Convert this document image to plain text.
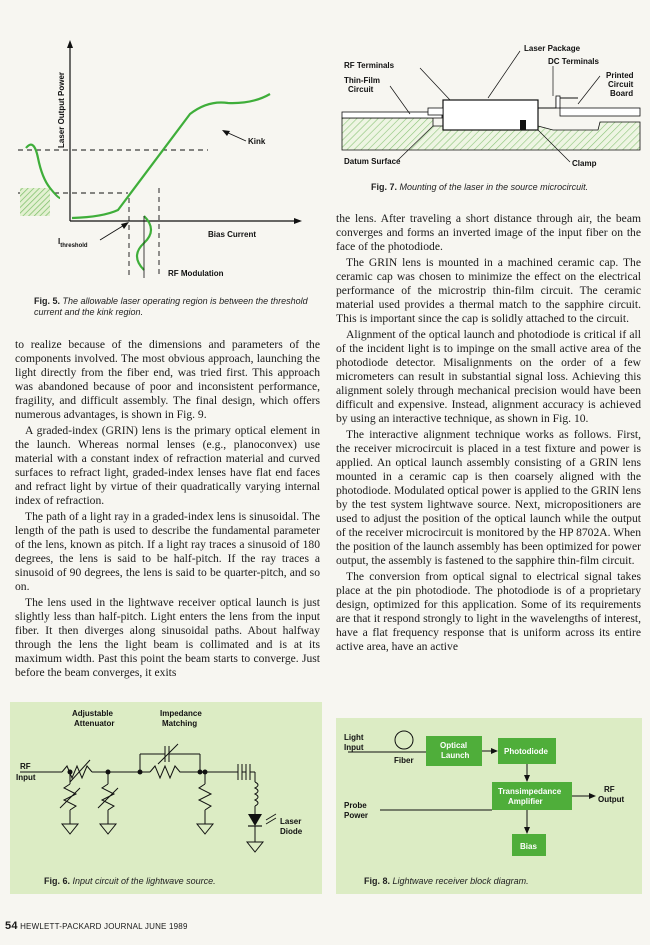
Laser Output Power	Kink
Bias Current
$I_{threshold}$
RF Modulation
Fig. 5. The allowable laser operating region is between the threshold current and the kink region.
Laser Package
RF Terminals	DC Terminals
Thin-Film
Circuit
Printed
Circuit
Board
Datum Surface	Clamp
Fig. 7. Mounting of the laser in the source microcircuit.

to realize because of the dimensions and parameters of the components involved. The most obvious approach, launching the light directly from the fiber end, was tried first. This approach was abandoned because of poor and inconsistent performance, fragility, and difficult assembly. The final design, which offers numerous advantages, is shown in Fig. 9.

A graded-index (GRIN) lens is the primary optical element in the launch. Whereas normal lenses (e.g., planoconvex) use material with a constant index of refraction material and curved surfaces to refract light, graded-index lenses have flat end faces and refract light by virtue of their quadratically varying internal index of refraction.

The path of a light ray in a graded-index lens is sinusoidal. The length of the path is used to describe the fundamental parameter of the lens, known as pitch. If a light ray traces a sinusoid of 180 degrees, the lens is said to be half-pitch. If the ray traces a sinusoid of 90 degrees, the lens is said to be quarter-pitch, and so on.

The lens used in the lightwave receiver optical launch is just slightly less than half-pitch. Light enters the lens from the input fiber. It then diverges along sinusoidal paths. About halfway through the lens the light beam is collimated and is at its maximum width. Past this point the beam starts to converge. Just before the beam converges, it exits

the lens. After traveling a short distance through air, the beam converges and forms an inverted image of the input fiber on the face of the photodiode.

The GRIN lens is mounted in a machined ceramic cap. The ceramic cap was chosen to minimize the effect on the electrical performance of the microstrip thin-film circuit. The ceramic material used provides a thermal match to the sapphire circuit. This is important since the cap is solidly attached to the circuit.

Alignment of the optical launch and photodiode is critical if all of the incident light is to impinge on the small active area of the photodiode detector. Misalignments on the order of a few micrometers can result in substantial signal loss. Achieving this alignment solely through mechanical precision would have been difficult and expensive. Instead, alignment accuracy is achieved by using an interactive technique, as shown in Fig. 10.

The interactive alignment technique works as follows. First, the receiver microcircuit is placed in a test fixture and power is applied. An optical launch assembly consisting of a GRIN lens mounted in a ceramic cap is then coarsely aligned with the photodiode. Modulated optical power is applied to the GRIN lens by the test system lightwave source. Next, micropositioners are used to adjust the position of the optical launch while the output of the receiver microcircuit is monitored by the HP 8702A. When the position of the launch assembly has been optimized for power output, the assembly is fastened to the sapphire thin-film circuit.

The conversion from optical signal to electrical signal takes place at the pin photodiode. The photodiode is of a proprietary design, optimized for this application. Some of its requirements are that it respond strongly to light in the wavelengths of interest, have a flat frequency response that is uniform across its entire active area, have an active

Adjustable
Attenuator
Impedance
Matching
RF
Input
Laser
Diode
Fig. 6. Input circuit of the lightwave source.
Light
Input
Fiber
Optical
Launch	Photodiode
Transimpedance
Amplifier
RF
Output
Probe
Power
Bias
Fig. 8. Lightwave receiver block diagram.
54 HEWLETT-PACKARD JOURNAL JUNE 1989
